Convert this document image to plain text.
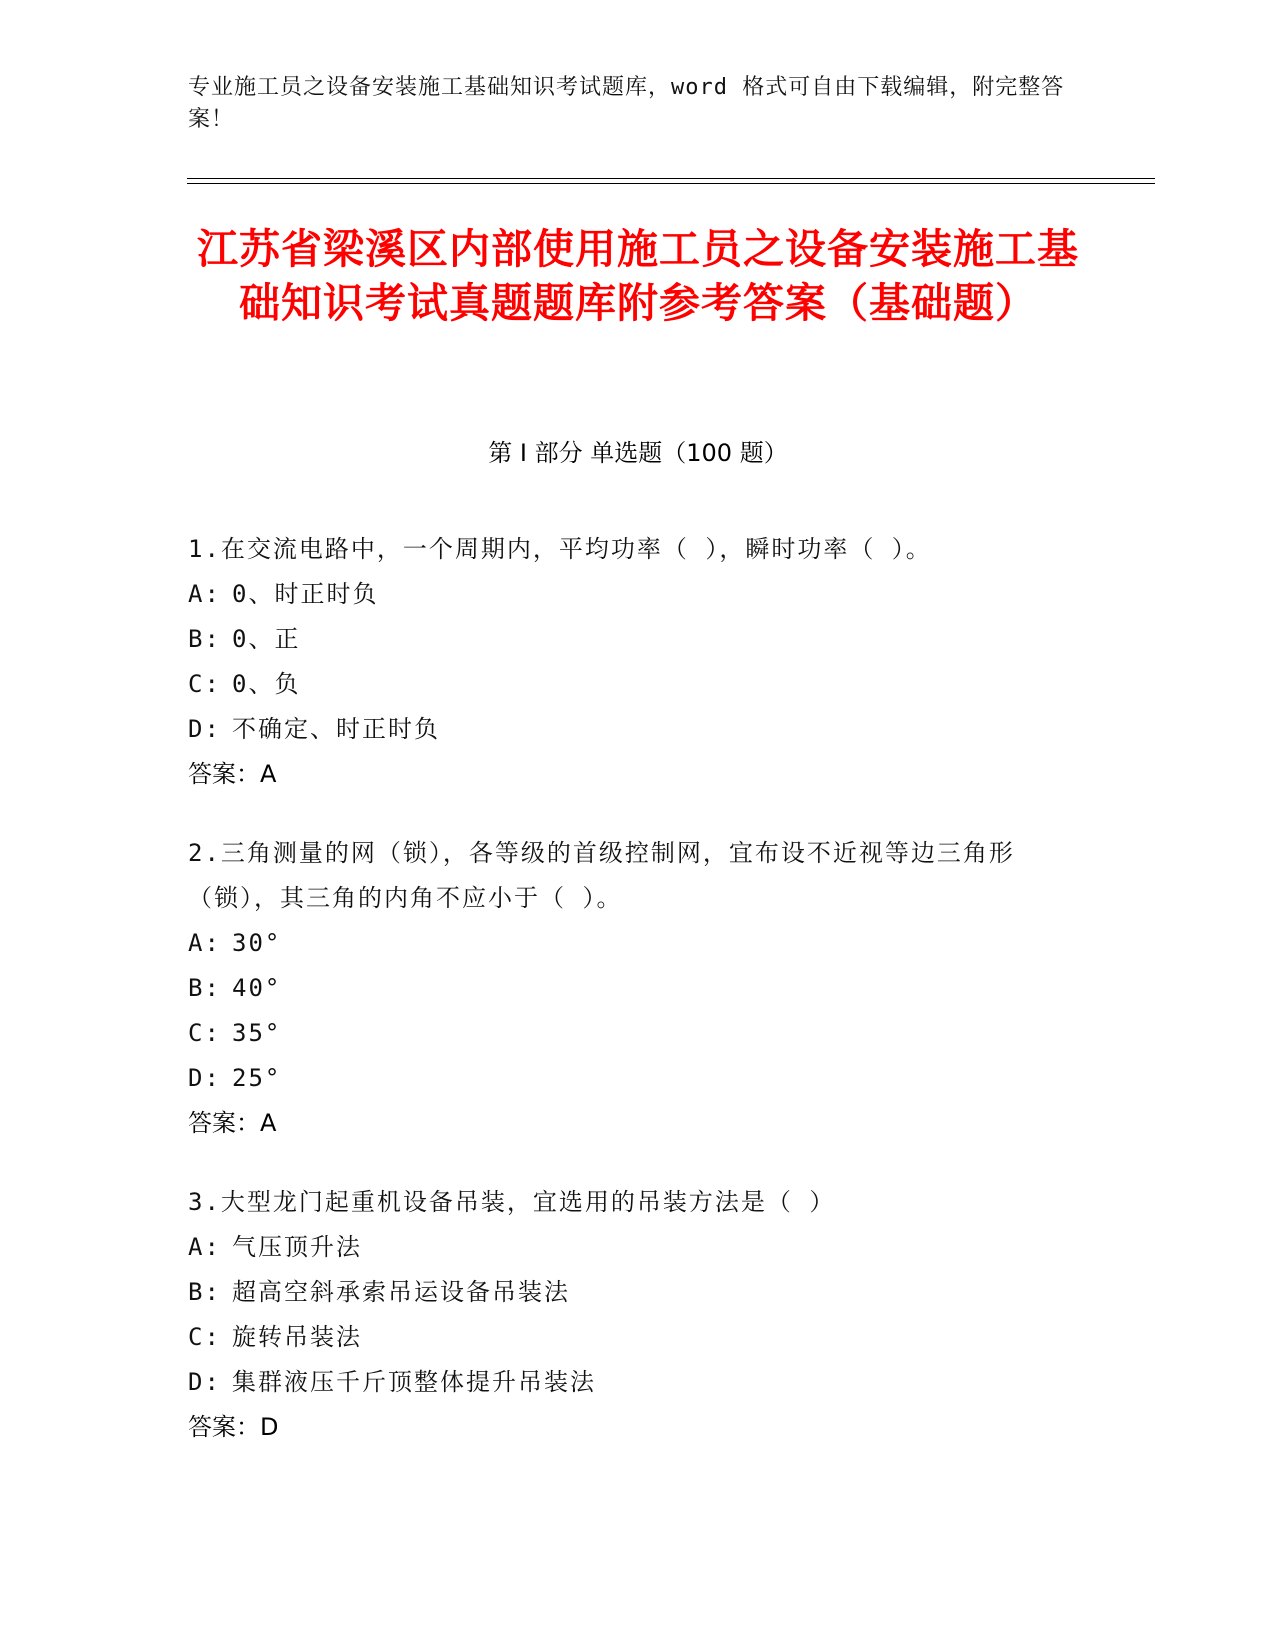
专业施工员之设备安装施工基础知识考试题库，word 格式可自由下载编辑，附完整答案！
江苏省梁溪区内部使用施工员之设备安装施工基础知识考试真题题库附参考答案（基础题）
第 I 部分 单选题（100 题）
1.在交流电路中，一个周期内，平均功率（ ），瞬时功率（ ）。
A: 0、时正时负
B: 0、正
C: 0、负
D: 不确定、时正时负
答案：A
2.三角测量的网（锁），各等级的首级控制网，宜布设不近视等边三角形（锁），其三角的内角不应小于（ ）。
A: 30°
B: 40°
C: 35°
D: 25°
答案：A
3.大型龙门起重机设备吊装，宜选用的吊装方法是（ ）
A: 气压顶升法
B: 超高空斜承索吊运设备吊装法
C: 旋转吊装法
D: 集群液压千斤顶整体提升吊装法
答案：D
